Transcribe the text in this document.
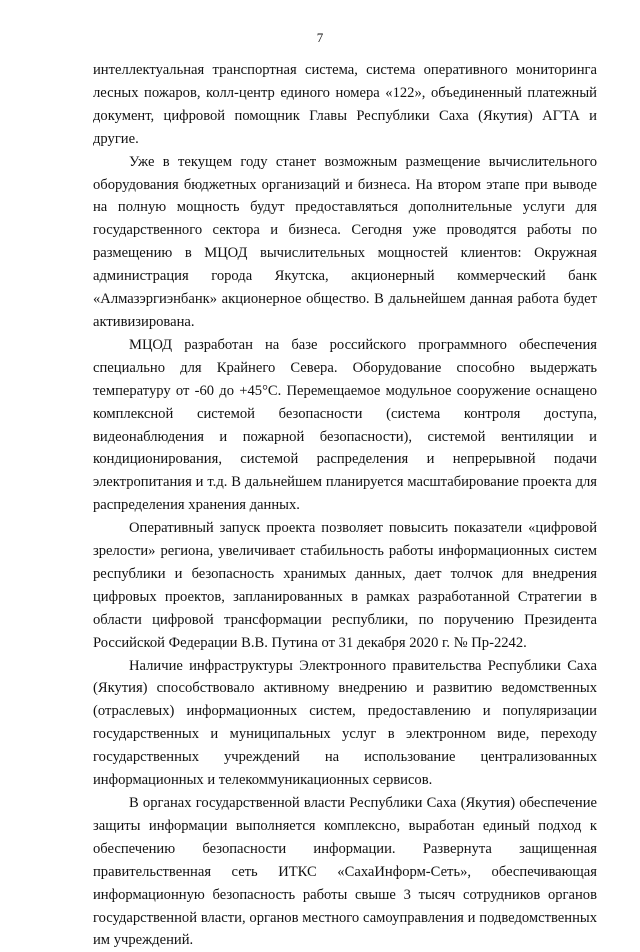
7

интеллектуальная транспортная система, система оперативного мониторинга лесных пожаров, колл-центр единого номера «122», объединенный платежный документ, цифровой помощник Главы Республики Саха (Якутия) АГТА и другие.

Уже в текущем году станет возможным размещение вычислительного оборудования бюджетных организаций и бизнеса. На втором этапе при выводе на полную мощность будут предоставляться дополнительные услуги для государственного сектора и бизнеса. Сегодня уже проводятся работы по размещению в МЦОД вычислительных мощностей клиентов: Окружная администрация города Якутска, акционерный коммерческий банк «Алмазэргиэнбанк» акционерное общество. В дальнейшем данная работа будет активизирована.

МЦОД разработан на базе российского программного обеспечения специально для Крайнего Севера. Оборудование способно выдержать температуру от -60 до +45°С. Перемещаемое модульное сооружение оснащено комплексной системой безопасности (система контроля доступа, видеонаблюдения и пожарной безопасности), системой вентиляции и кондиционирования, системой распределения и непрерывной подачи электропитания и т.д. В дальнейшем планируется масштабирование проекта для распределения хранения данных.

Оперативный запуск проекта позволяет повысить показатели «цифровой зрелости» региона, увеличивает стабильность работы информационных систем республики и безопасность хранимых данных, дает толчок для внедрения цифровых проектов, запланированных в рамках разработанной Стратегии в области цифровой трансформации республики, по поручению Президента Российской Федерации В.В. Путина от 31 декабря 2020 г. № Пр-2242.

Наличие инфраструктуры Электронного правительства Республики Саха (Якутия) способствовало активному внедрению и развитию ведомственных (отраслевых) информационных систем, предоставлению и популяризации государственных и муниципальных услуг в электронном виде, переходу государственных учреждений на использование централизованных информационных и телекоммуникационных сервисов.

В органах государственной власти Республики Саха (Якутия) обеспечение защиты информации выполняется комплексно, выработан единый подход к обеспечению безопасности информации. Развернута защищенная правительственная сеть ИТКС «СахаИнформ-Сеть», обеспечивающая информационную безопасность работы свыше 3 тысяч сотрудников органов государственной власти, органов местного самоуправления и подведомственных им учреждений.
